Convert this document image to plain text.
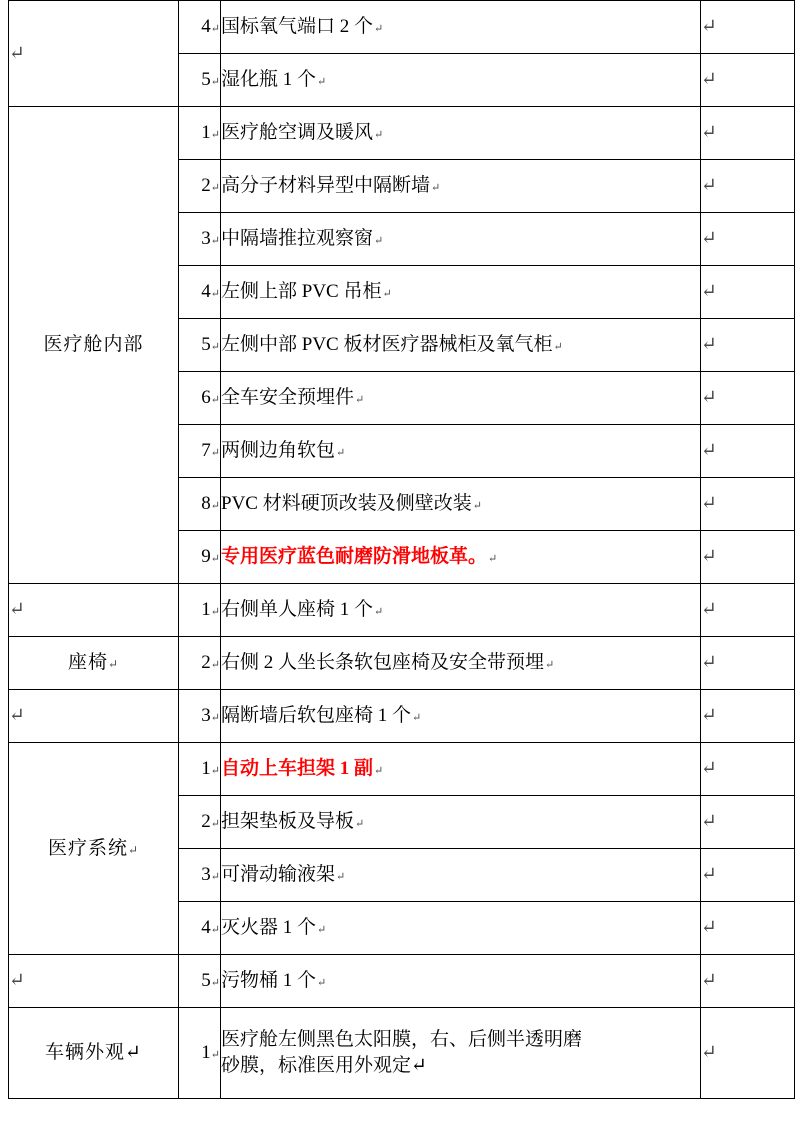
↵	4↵	国标氧气端口 2 个↵	↵
	5↵	湿化瓶 1 个↵	↵
医疗舱内部	1↵	医疗舱空调及暖风↵	↵
	2↵	高分子材料异型中隔断墙↵	↵
	3↵	中隔墙推拉观察窗↵	↵
	4↵	左侧上部 PVC 吊柜↵	↵
	5↵	左侧中部 PVC 板材医疗器械柜及氧气柜↵	↵
	6↵	全车安全预埋件↵	↵
	7↵	两侧边角软包↵	↵
	8↵	PVC 材料硬顶改装及侧壁改装↵	↵
	9↵	专用医疗蓝色耐磨防滑地板革。↵	↵
↵	1↵	右侧单人座椅 1 个↵	↵
座椅↵	2↵	右侧 2 人坐长条软包座椅及安全带预埋↵	↵
↵	3↵	隔断墙后软包座椅 1 个↵	↵
医疗系统↵	1↵	自动上车担架 1 副↵	↵
	2↵	担架垫板及导板↵	↵
	3↵	可滑动输液架↵	↵
	4↵	灭火器 1 个↵	↵
↵	5↵	污物桶 1 个↵	↵
车辆外观↵	1↵	医疗舱左侧黑色太阳膜，右、后侧半透明磨
砂膜，标准医用外观定↵	↵
